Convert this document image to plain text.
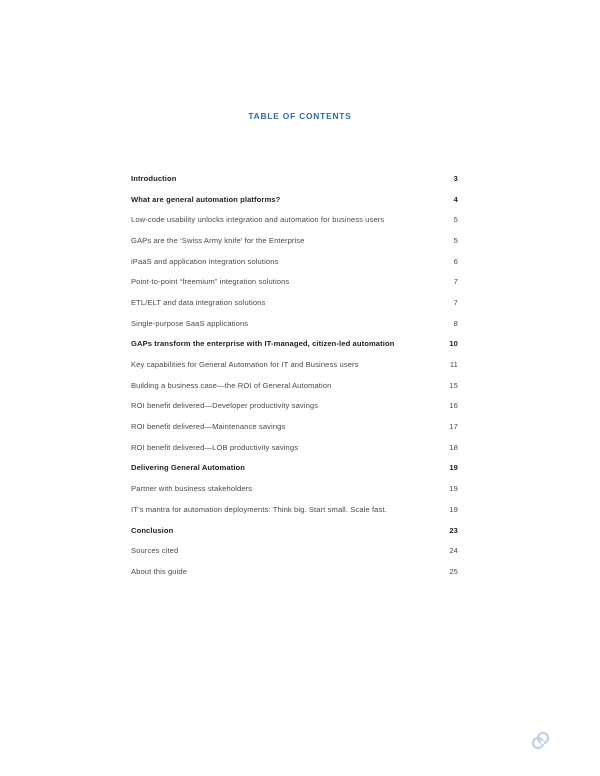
TABLE OF CONTENTS
Introduction	3
What are general automation platforms?	4
Low-code usability unlocks integration and automation for business users	5
GAPs are the ‘Swiss Army knife’ for the Enterprise	5
iPaaS and application integration solutions	6
Point-to-point “freemium” integration solutions	7
ETL/ELT and data integration solutions	7
Single-purpose SaaS applications	8
GAPs transform the enterprise with IT-managed, citizen-led automation	10
Key capabilities for General Automation for IT and Business users	11
Building a business case—the ROI of General Automation	15
ROI benefit delivered—Developer productivity savings	16
ROI benefit delivered—Maintenance savings	17
ROI benefit delivered—LOB productivity savings	18
Delivering General Automation	19
Partner with business stakeholders	19
IT’s mantra for automation deployments: Think big. Start small. Scale fast.	19
Conclusion	23
Sources cited	24
About this guide	25
